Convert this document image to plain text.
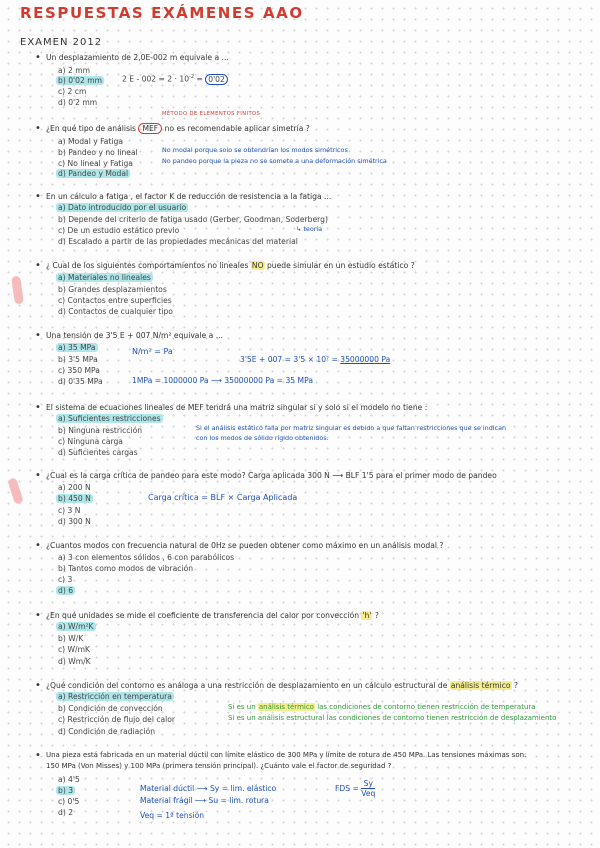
RESPUESTAS EXÁMENES AAO
EXAMEN 2012
• Un desplazamiento de 2,0E-002 m equivale a ...
a) 2 mm
b) 0'02 mm
c) 2 cm
d) 0'2 mm
2 $E - 002 = 2 \cdot 10^{-2} = 0'02$
MÉTODO DE ELEMENTOS FINITOS
• ¿En qué tipo de análisis MEF no es recomendable aplicar simetría ?
a) Modal y Fatiga
b) Pandeo y no lineal
c) No lineal y Fatiga
d) Pandeo y Modal
No modal porque solo se obtendrían los modos simétricos
No pandeo porque la pieza no se somete a una deformación simétrica
• En un cálculo a fatiga , el factor K de reducción de resistencia a la fatiga ...
a) Dato introducido por el usuario
b) Depende del criterio de fatiga usado (Gerber, Goodman, Soderberg)
c) De un estudio estático previo
d) Escalado a partir de las propiedades mecánicas del material
↳ teoría
• ¿ Cual de los siguientes comportamientos no lineales NO puede simular en un estudio estático ?
a) Materiales no lineales
b) Grandes desplazamientos
c) Contactos entre superficies
d) Contactos de cualquier tipo
• Una tensión de 3'5 E + 007 N/m² equivale a ...
a) 35 MPa
b) 3'5 MPa
c) 350 MPa
d) 0'35 MPa
N/m² = Pa
3'5E + 007 = 3'5 × 10⁷ = 35000000 Pa
1MPa = 1000000 Pa ⟶ 35000000 Pa = 35 MPa
• El sistema de ecuaciones lineales de MEF tendrá una matriz singular si y solo si el modelo no tiene :
a) Suficientes restricciones
b) Ninguna restricción
c) Ninguna carga
d) Suficientes cargas
Si el análisis estático falla por matriz singular es debido a que faltan restricciones que se indican
con los modos de sólido rígido obtenidos.
• ¿Cual es la carga crítica de pandeo para este modo? Carga aplicada 300 N ⟶ BLF 1'5 para el primer modo de pandeo
a) 200 N
b) 450 N
c) 3 N
d) 300 N
Carga crítica = BLF × Carga Aplicada
• ¿Cuantos modos con frecuencia natural de 0Hz se pueden obtener como máximo en un análisis modal ?
a) 3 con elementos sólidos , 6 con parabólicos
b) Tantos como modos de vibración
c) 3
d) 6
• ¿En qué unidades se mide el coeficiente de transferencia del calor por convección 'h' ?
a) W/m²K
b) W/K
c) W/mK
d) Wm/K
• ¿Qué condición del contorno es análoga a una restricción de desplazamiento en un cálculo estructural de análisis térmico ?
a) Restricción en temperatura
b) Condición de convección
c) Restricción de flujo del calor
d) Condición de radiación
Si es un análisis térmico las condiciones de contorno tienen restricción de temperatura
Si es un análisis estructural las condiciones de contorno tienen restricción de desplazamiento
• Una pieza está fabricada en un material dúctil con límite elástico de 300 MPa y límite de rotura de 450 MPa. Las tensiones máximas son:
150 MPa (Von Misses) y 100 MPa (primera tensión principal). ¿Cuánto vale el factor de seguridad ?
a) 4'5
b) 3
c) 0'5
d) 2
Material dúctil ⟶ Sy = lim. elástico
Material frágil ⟶ Su = lim. rotura
Veq = 1ª tensión
FDS = $\frac{Sy}{\text{Veq}}$
